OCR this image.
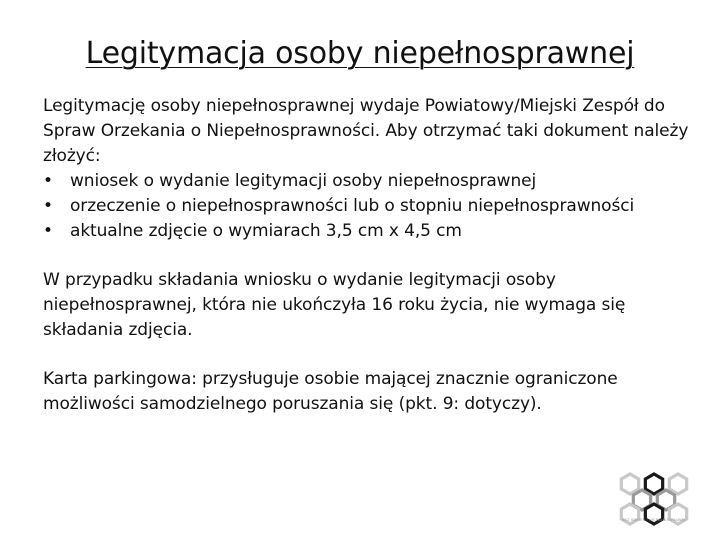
Legitymacja osoby niepełnosprawnej

Legitymację osoby niepełnosprawnej wydaje Powiatowy/Miejski Zespół do Spraw Orzekania o Niepełnosprawności. Aby otrzymać taki dokument należy złożyć:

• wniosek o wydanie legitymacji osoby niepełnosprawnej
• orzeczenie o niepełnosprawności lub o stopniu niepełnosprawności
• aktualne zdjęcie o wymiarach 3,5 cm x 4,5 cm

W przypadku składania wniosku o wydanie legitymacji osoby niepełnosprawnej, która nie ukończyła 16 roku życia, nie wymaga się składania zdjęcia.

Karta parkingowa: przysługuje osobie mającej znacznie ograniczone możliwości samodzielnego poruszania się (pkt. 9: dotyczy).

BEZ BARIER · NIEPEŁNOSPRAWNI
